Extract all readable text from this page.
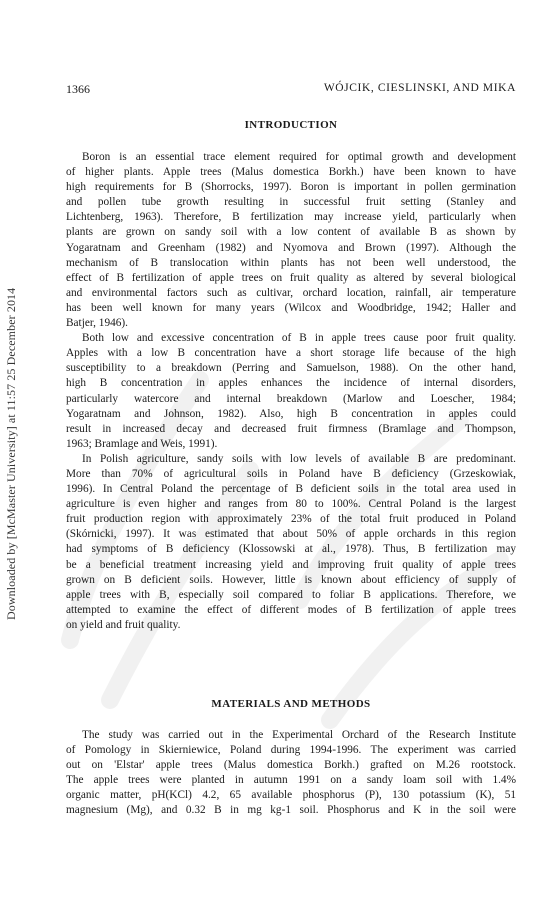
Downloaded by [McMaster University] at 11:57 25 December 2014
1366	WÓJCIK, CIESLINSKI, AND MIKA
INTRODUCTION
Boron is an essential trace element required for optimal growth and development
of higher plants. Apple trees (Malus domestica Borkh.) have been known to have
high requirements for B (Shorrocks, 1997). Boron is important in pollen germination
and pollen tube growth resulting in successful fruit setting (Stanley and
Lichtenberg, 1963). Therefore, B fertilization may increase yield, particularly when
plants are grown on sandy soil with a low content of available B as shown by
Yogaratnam and Greenham (1982) and Nyomova and Brown (1997). Although the
mechanism of B translocation within plants has not been well understood, the
effect of B fertilization of apple trees on fruit quality as altered by several biological
and environmental factors such as cultivar, orchard location, rainfall, air temperature
has been well known for many years (Wilcox and Woodbridge, 1942; Haller and
Batjer, 1946).
Both low and excessive concentration of B in apple trees cause poor fruit quality.
Apples with a low B concentration have a short storage life because of the high
susceptibility to a breakdown (Perring and Samuelson, 1988). On the other hand,
high B concentration in apples enhances the incidence of internal disorders,
particularly watercore and internal breakdown (Marlow and Loescher, 1984;
Yogaratnam and Johnson, 1982). Also, high B concentration in apples could
result in increased decay and decreased fruit firmness (Bramlage and Thompson,
1963; Bramlage and Weis, 1991).
In Polish agriculture, sandy soils with low levels of available B are predominant.
More than 70% of agricultural soils in Poland have B deficiency (Grzeskowiak,
1996). In Central Poland the percentage of B deficient soils in the total area used in
agriculture is even higher and ranges from 80 to 100%. Central Poland is the largest
fruit production region with approximately 23% of the total fruit produced in Poland
(Skórnicki, 1997). It was estimated that about 50% of apple orchards in this region
had symptoms of B deficiency (Klossowski at al., 1978). Thus, B fertilization may
be a beneficial treatment increasing yield and improving fruit quality of apple trees
grown on B deficient soils. However, little is known about efficiency of supply of
apple trees with B, especially soil compared to foliar B applications. Therefore, we
attempted to examine the effect of different modes of B fertilization of apple trees
on yield and fruit quality.
MATERIALS AND METHODS
The study was carried out in the Experimental Orchard of the Research Institute
of Pomology in Skierniewice, Poland during 1994-1996. The experiment was carried
out on 'Elstar' apple trees (Malus domestica Borkh.) grafted on M.26 rootstock.
The apple trees were planted in autumn 1991 on a sandy loam soil with 1.4%
organic matter, pH(KCl) 4.2, 65 available phosphorus (P), 130 potassium (K), 51
magnesium (Mg), and 0.32 B in mg kg-1 soil. Phosphorus and K in the soil were
